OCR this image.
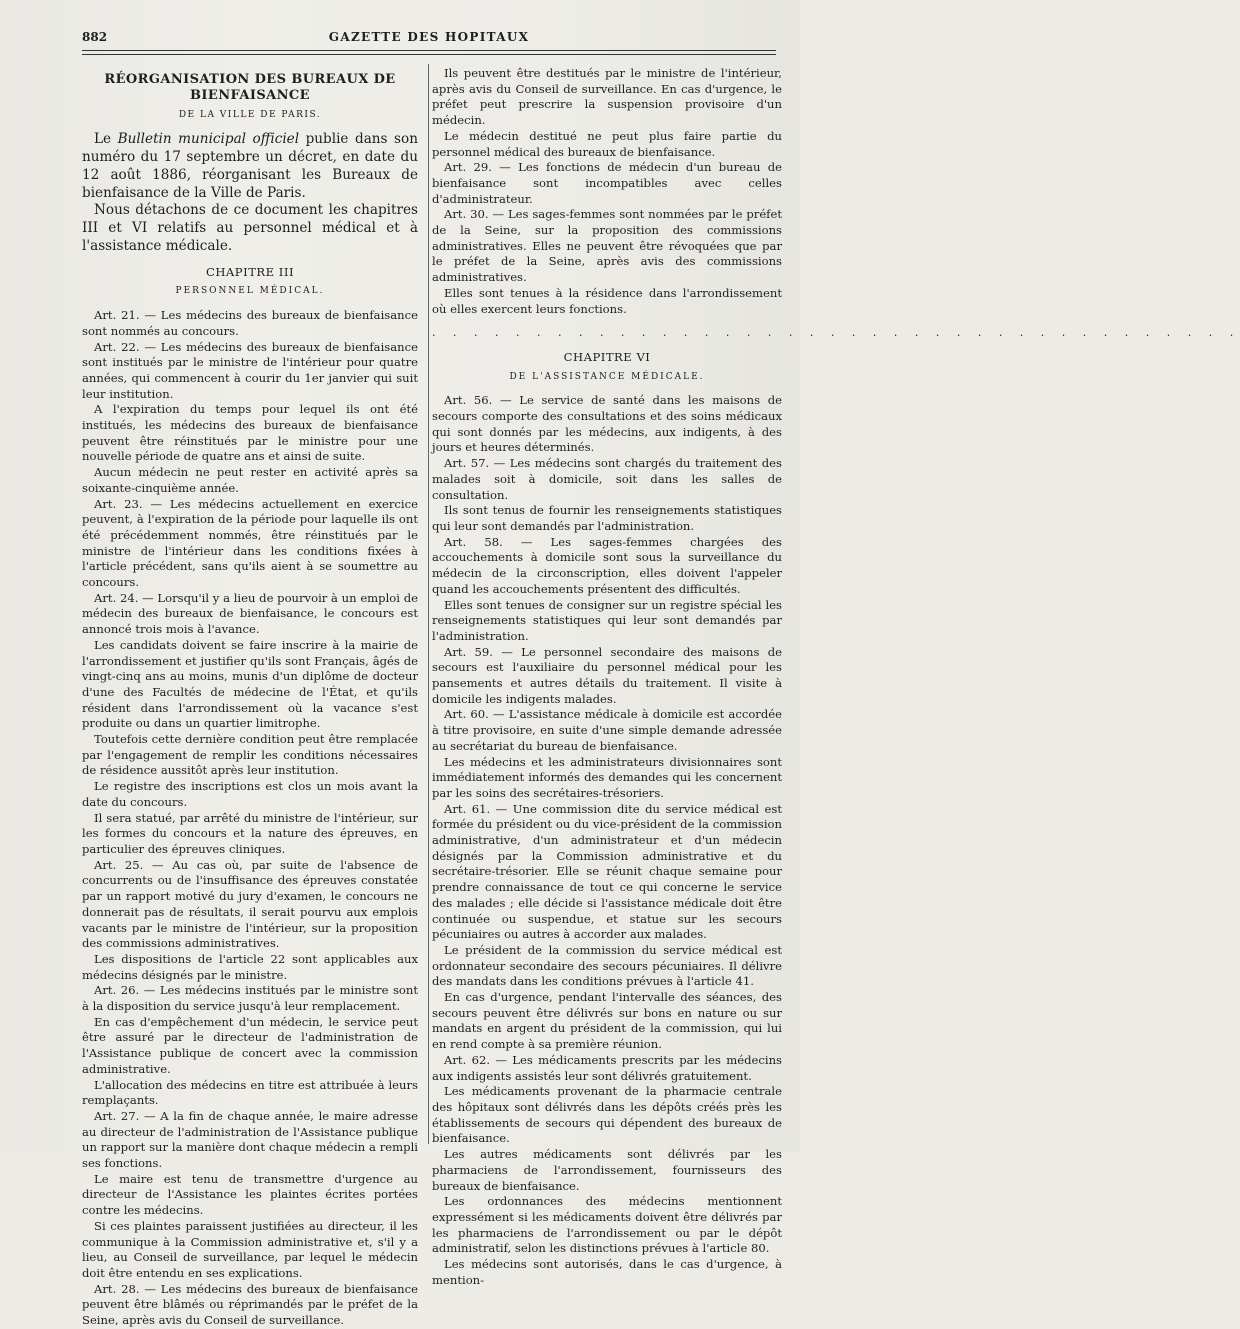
882	GAZETTE DES HOPITAUX
RÉORGANISATION DES BUREAUX DE BIENFAISANCE
DE LA VILLE DE PARIS.

Le Bulletin municipal officiel publie dans son numéro du 17 septembre un décret, en date du 12 août 1886, réorganisant les Bureaux de bienfaisance de la Ville de Paris.

Nous détachons de ce document les chapitres III et VI relatifs au personnel médical et à l'assistance médicale.

CHAPITRE III
PERSONNEL MÉDICAL.

Art. 21. — Les médecins des bureaux de bienfaisance sont nommés au concours.

Art. 22. — Les médecins des bureaux de bienfaisance sont institués par le ministre de l'intérieur pour quatre années, qui commencent à courir du 1er janvier qui suit leur institution.

A l'expiration du temps pour lequel ils ont été institués, les médecins des bureaux de bienfaisance peuvent être réinstitués par le ministre pour une nouvelle période de quatre ans et ainsi de suite.

Aucun médecin ne peut rester en activité après sa soixante-cinquième année.

Art. 23. — Les médecins actuellement en exercice peuvent, à l'expiration de la période pour laquelle ils ont été précédemment nommés, être réinstitués par le ministre de l'intérieur dans les conditions fixées à l'article précédent, sans qu'ils aient à se soumettre au concours.

Art. 24. — Lorsqu'il y a lieu de pourvoir à un emploi de médecin des bureaux de bienfaisance, le concours est annoncé trois mois à l'avance.

Les candidats doivent se faire inscrire à la mairie de l'arrondissement et justifier qu'ils sont Français, âgés de vingt-cinq ans au moins, munis d'un diplôme de docteur d'une des Facultés de médecine de l'État, et qu'ils résident dans l'arrondissement où la vacance s'est produite ou dans un quartier limitrophe.

Toutefois cette dernière condition peut être remplacée par l'engagement de remplir les conditions nécessaires de résidence aussitôt après leur institution.

Le registre des inscriptions est clos un mois avant la date du concours.

Il sera statué, par arrêté du ministre de l'intérieur, sur les formes du concours et la nature des épreuves, en particulier des épreuves cliniques.

Art. 25. — Au cas où, par suite de l'absence de concurrents ou de l'insuffisance des épreuves constatée par un rapport motivé du jury d'examen, le concours ne donnerait pas de résultats, il serait pourvu aux emplois vacants par le ministre de l'intérieur, sur la proposition des commissions administratives.

Les dispositions de l'article 22 sont applicables aux médecins désignés par le ministre.

Art. 26. — Les médecins institués par le ministre sont à la disposition du service jusqu'à leur remplacement.

En cas d'empêchement d'un médecin, le service peut être assuré par le directeur de l'administration de l'Assistance publique de concert avec la commission administrative.

L'allocation des médecins en titre est attribuée à leurs remplaçants.

Art. 27. — A la fin de chaque année, le maire adresse au directeur de l'administration de l'Assistance publique un rapport sur la manière dont chaque médecin a rempli ses fonctions.

Le maire est tenu de transmettre d'urgence au directeur de l'Assistance les plaintes écrites portées contre les médecins.

Si ces plaintes paraissent justifiées au directeur, il les communique à la Commission administrative et, s'il y a lieu, au Conseil de surveillance, par lequel le médecin doit être entendu en ses explications.

Art. 28. — Les médecins des bureaux de bienfaisance peuvent être blâmés ou réprimandés par le préfet de la Seine, après avis du Conseil de surveillance.

Ils peuvent être destitués par le ministre de l'intérieur, après avis du Conseil de surveillance. En cas d'urgence, le préfet peut prescrire la suspension provisoire d'un médecin.

Le médecin destitué ne peut plus faire partie du personnel médical des bureaux de bienfaisance.

Art. 29. — Les fonctions de médecin d'un bureau de bienfaisance sont incompatibles avec celles d'administrateur.

Art. 30. — Les sages-femmes sont nommées par le préfet de la Seine, sur la proposition des commissions administratives. Elles ne peuvent être révoquées que par le préfet de la Seine, après avis des commissions administratives.

Elles sont tenues à la résidence dans l'arrondissement où elles exercent leurs fonctions.

. . . . . . . . . . . . . . . . . . . . . . . . . . . . . . . . . . . . . . .
CHAPITRE VI
DE L'ASSISTANCE MÉDICALE.

Art. 56. — Le service de santé dans les maisons de secours comporte des consultations et des soins médicaux qui sont donnés par les médecins, aux indigents, à des jours et heures déterminés.

Art. 57. — Les médecins sont chargés du traitement des malades soit à domicile, soit dans les salles de consultation.

Ils sont tenus de fournir les renseignements statistiques qui leur sont demandés par l'administration.

Art. 58. — Les sages-femmes chargées des accouchements à domicile sont sous la surveillance du médecin de la circonscription, elles doivent l'appeler quand les accouchements présentent des difficultés.

Elles sont tenues de consigner sur un registre spécial les renseignements statistiques qui leur sont demandés par l'administration.

Art. 59. — Le personnel secondaire des maisons de secours est l'auxiliaire du personnel médical pour les pansements et autres détails du traitement. Il visite à domicile les indigents malades.

Art. 60. — L'assistance médicale à domicile est accordée à titre provisoire, en suite d'une simple demande adressée au secrétariat du bureau de bienfaisance.

Les médecins et les administrateurs divisionnaires sont immédiatement informés des demandes qui les concernent par les soins des secrétaires-trésoriers.

Art. 61. — Une commission dite du service médical est formée du président ou du vice-président de la commission administrative, d'un administrateur et d'un médecin désignés par la Commission administrative et du secrétaire-trésorier. Elle se réunit chaque semaine pour prendre connaissance de tout ce qui concerne le service des malades ; elle décide si l'assistance médicale doit être continuée ou suspendue, et statue sur les secours pécuniaires ou autres à accorder aux malades.

Le président de la commission du service médical est ordonnateur secondaire des secours pécuniaires. Il délivre des mandats dans les conditions prévues à l'article 41.

En cas d'urgence, pendant l'intervalle des séances, des secours peuvent être délivrés sur bons en nature ou sur mandats en argent du président de la commission, qui lui en rend compte à sa première réunion.

Art. 62. — Les médicaments prescrits par les médecins aux indigents assistés leur sont délivrés gratuitement.

Les médicaments provenant de la pharmacie centrale des hôpitaux sont délivrés dans les dépôts créés près les établissements de secours qui dépendent des bureaux de bienfaisance.

Les autres médicaments sont délivrés par les pharmaciens de l'arrondissement, fournisseurs des bureaux de bienfaisance.

Les ordonnances des médecins mentionnent expressément si les médicaments doivent être délivrés par les pharmaciens de l'arrondissement ou par le dépôt administratif, selon les distinctions prévues à l'article 80.

Les médecins sont autorisés, dans le cas d'urgence, à mention-
